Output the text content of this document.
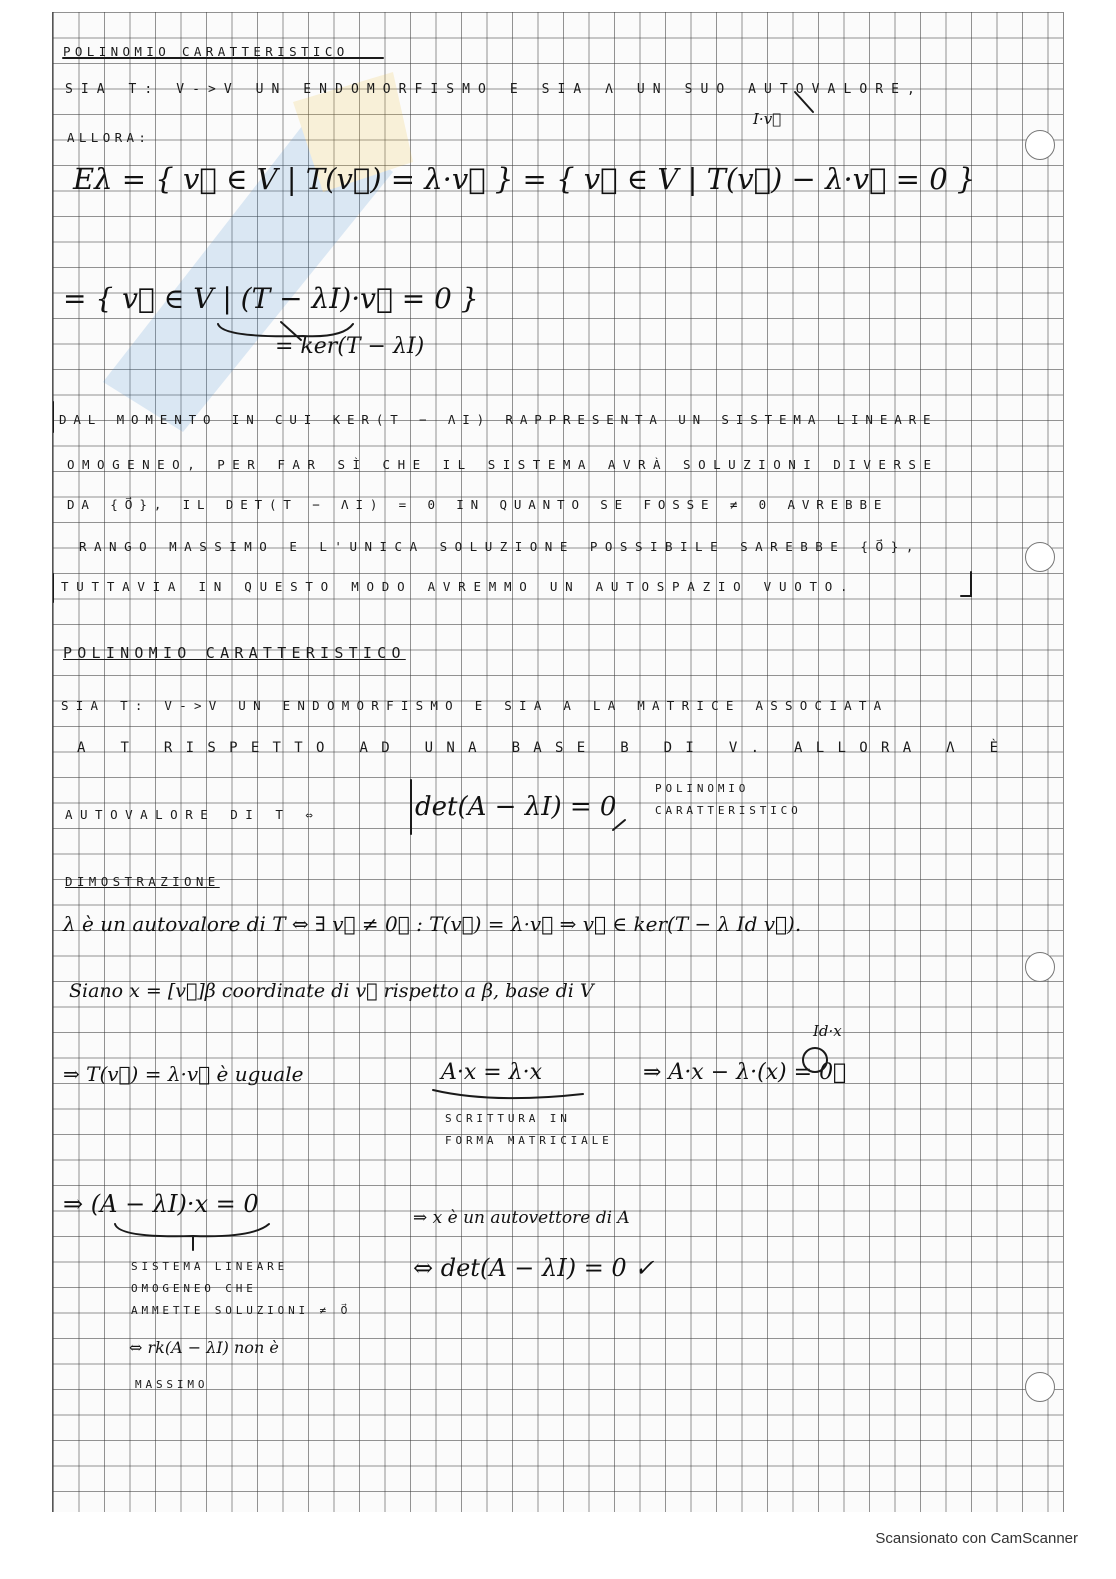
POLINOMIO CARATTERISTICO
SIA T: V->V UN ENDOMORFISMO E SIA Λ UN SUO AUTOVALORE,
ALLORA:
I·v⃗
Eλ = { v⃗ ∈ V | T(v⃗) = λ·v⃗ } = { v⃗ ∈ V | T(v⃗) − λ·v⃗ = 0 }
= { v⃗ ∈ V | (T − λI)·v⃗ = 0 }
= ker(T − λI)
DAL MOMENTO IN CUI KER(T − ΛI) RAPPRESENTA UN SISTEMA LINEARE
OMOGENEO, PER FAR SÌ CHE IL SISTEMA AVRÀ SOLUZIONI DIVERSE
DA {0⃗}, IL DET(T − ΛI) = 0 IN QUANTO SE FOSSE ≠ 0 AVREBBE
RANGO MASSIMO E L'UNICA SOLUZIONE POSSIBILE SAREBBE {0⃗},
TUTTAVIA IN QUESTO MODO AVREMMO UN AUTOSPAZIO VUOTO.
POLINOMIO CARATTERISTICO
SIA T: V->V UN ENDOMORFISMO E SIA A LA MATRICE ASSOCIATA
A T RISPETTO AD UNA BASE Β DI V. ALLORA Λ È
AUTOVALORE DI T ⇔	det(A − λI) = 0
POLINOMIO
CARATTERISTICO
DIMOSTRAZIONE
λ è un autovalore di T ⇔ ∃ v⃗ ≠ 0⃗ : T(v⃗) = λ·v⃗ ⇒ v⃗ ∈ ker(T − λ Id v⃗).
Siano x = [v⃗]β coordinate di v⃗ rispetto a β, base di V
Id·x
⇒ T(v⃗) = λ·v⃗ è uguale	A·x = λ·x	⇒ A·x − λ·(x) = 0⃗
SCRITTURA IN
FORMA MATRICIALE
⇒ (A − λI)·x = 0	⇒ x è un autovettore di A
⇔ det(A − λI) = 0 ✓
SISTEMA LINEARE
OMOGENEO CHE
AMMETTE SOLUZIONI ≠ 0⃗
⇔ rk(A − λI) non è
MASSIMO
Scansionato con CamScanner
